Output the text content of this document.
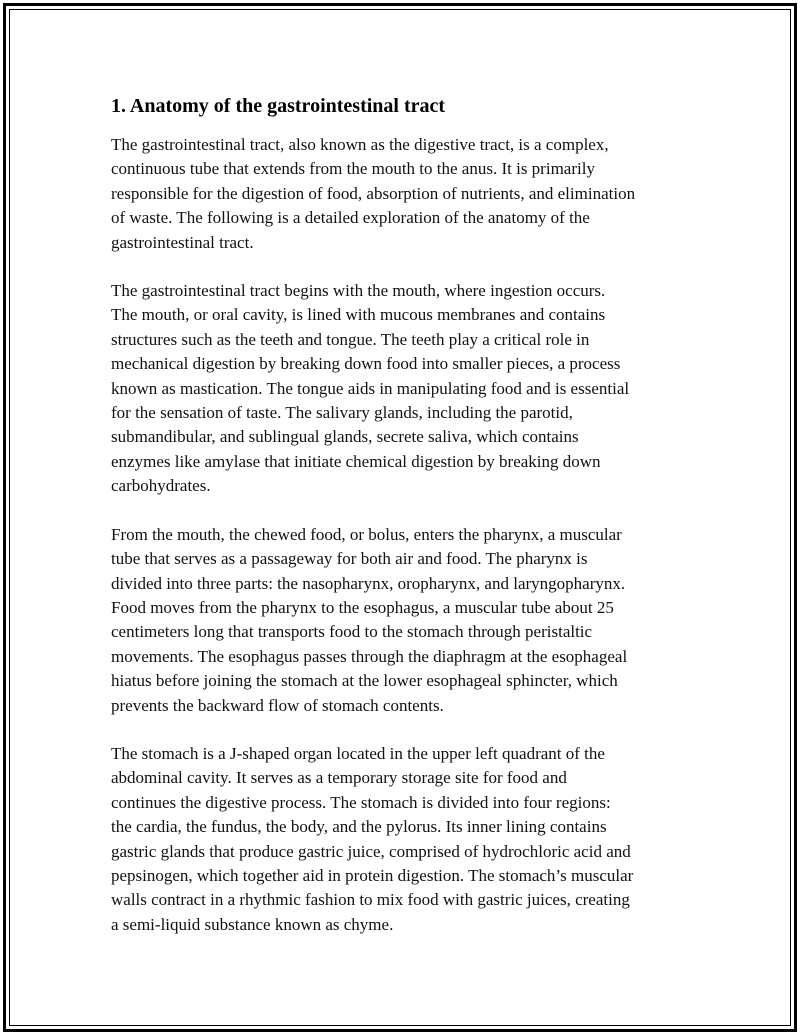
1. Anatomy of the gastrointestinal tract

The gastrointestinal tract, also known as the digestive tract, is a complex,
continuous tube that extends from the mouth to the anus. It is primarily
responsible for the digestion of food, absorption of nutrients, and elimination
of waste. The following is a detailed exploration of the anatomy of the
gastrointestinal tract.

The gastrointestinal tract begins with the mouth, where ingestion occurs.
The mouth, or oral cavity, is lined with mucous membranes and contains
structures such as the teeth and tongue. The teeth play a critical role in
mechanical digestion by breaking down food into smaller pieces, a process
known as mastication. The tongue aids in manipulating food and is essential
for the sensation of taste. The salivary glands, including the parotid,
submandibular, and sublingual glands, secrete saliva, which contains
enzymes like amylase that initiate chemical digestion by breaking down
carbohydrates.

From the mouth, the chewed food, or bolus, enters the pharynx, a muscular
tube that serves as a passageway for both air and food. The pharynx is
divided into three parts: the nasopharynx, oropharynx, and laryngopharynx.
Food moves from the pharynx to the esophagus, a muscular tube about 25
centimeters long that transports food to the stomach through peristaltic
movements. The esophagus passes through the diaphragm at the esophageal
hiatus before joining the stomach at the lower esophageal sphincter, which
prevents the backward flow of stomach contents.

The stomach is a J-shaped organ located in the upper left quadrant of the
abdominal cavity. It serves as a temporary storage site for food and
continues the digestive process. The stomach is divided into four regions:
the cardia, the fundus, the body, and the pylorus. Its inner lining contains
gastric glands that produce gastric juice, comprised of hydrochloric acid and
pepsinogen, which together aid in protein digestion. The stomach’s muscular
walls contract in a rhythmic fashion to mix food with gastric juices, creating
a semi-liquid substance known as chyme.
